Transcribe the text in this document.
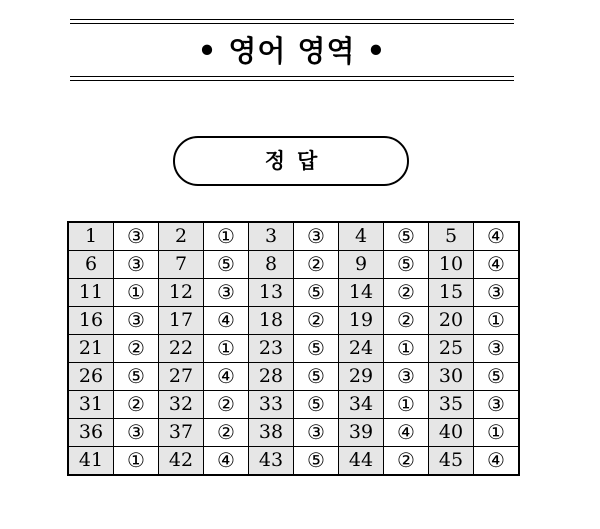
• 영어 영역 •
정답
1	③	2	①	3	③	4	⑤	5	④
6	③	7	⑤	8	②	9	⑤	10	④
11	①	12	③	13	⑤	14	②	15	③
16	③	17	④	18	②	19	②	20	①
21	②	22	①	23	⑤	24	①	25	③
26	⑤	27	④	28	⑤	29	③	30	⑤
31	②	32	②	33	⑤	34	①	35	③
36	③	37	②	38	③	39	④	40	①
41	①	42	④	43	⑤	44	②	45	④
